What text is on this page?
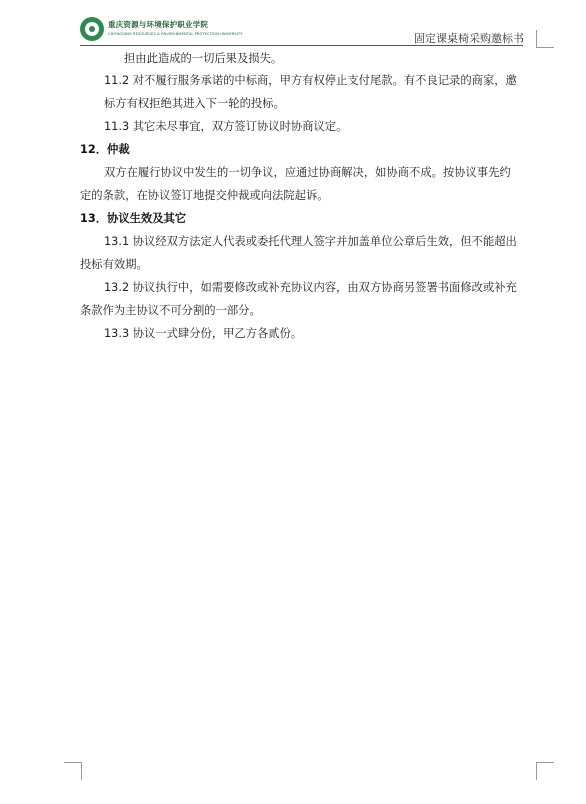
重庆资源与环境保护职业学院
CHONGQING RESOURCES & ENVIRONMENTAL PROTECTION UNIVERSITY	固定课桌椅采购邀标书
担由此造成的一切后果及损失。
11.2 对不履行服务承诺的中标商，甲方有权停止支付尾款。有不良记录的商家，邀
标方有权拒绝其进入下一轮的投标。
11.3 其它未尽事宜，双方签订协议时协商议定。
12．仲裁
双方在履行协议中发生的一切争议，应通过协商解决，如协商不成。按协议事先约
定的条款，在协议签订地提交仲裁或向法院起诉。
13．协议生效及其它
13.1 协议经双方法定人代表或委托代理人签字并加盖单位公章后生效，但不能超出
投标有效期。
13.2 协议执行中，如需要修改或补充协议内容，由双方协商另签署书面修改或补充
条款作为主协议不可分割的一部分。
13.3 协议一式肆分份，甲乙方各贰份。
